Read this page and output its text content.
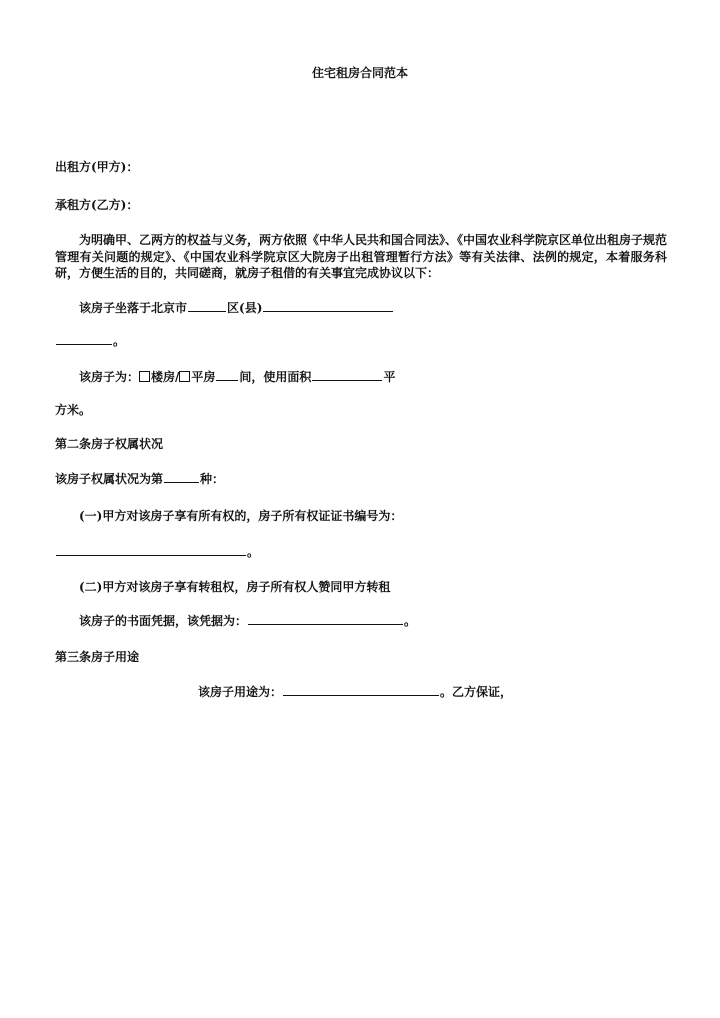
住宅租房合同范本
出租方(甲方)：
承租方(乙方)：
为明确甲、乙两方的权益与义务，两方依照《中华人民共和国合同法》、《中国农业科学院京区单位出租房子规范管理有关问题的规定》、《中国农业科学院京区大院房子出租管理暂行方法》等有关法律、法例的规定，本着服务科研，方便生活的目的，共同磋商，就房子租借的有关事宜完成协议以下：
该房子坐落于北京市	区(县)
。
该房子为： 楼房/ 平房 间，使用面积	平
方米。
第二条房子权属状况
该房子权属状况为第	种：
(一)甲方对该房子享有所有权的，房子所有权证证书编号为：
。
(二)甲方对该房子享有转租权，房子所有权人赞同甲方转租
该房子的书面凭据，该凭据为：	。
第三条房子用途
该房子用途为：	。乙方保证，
